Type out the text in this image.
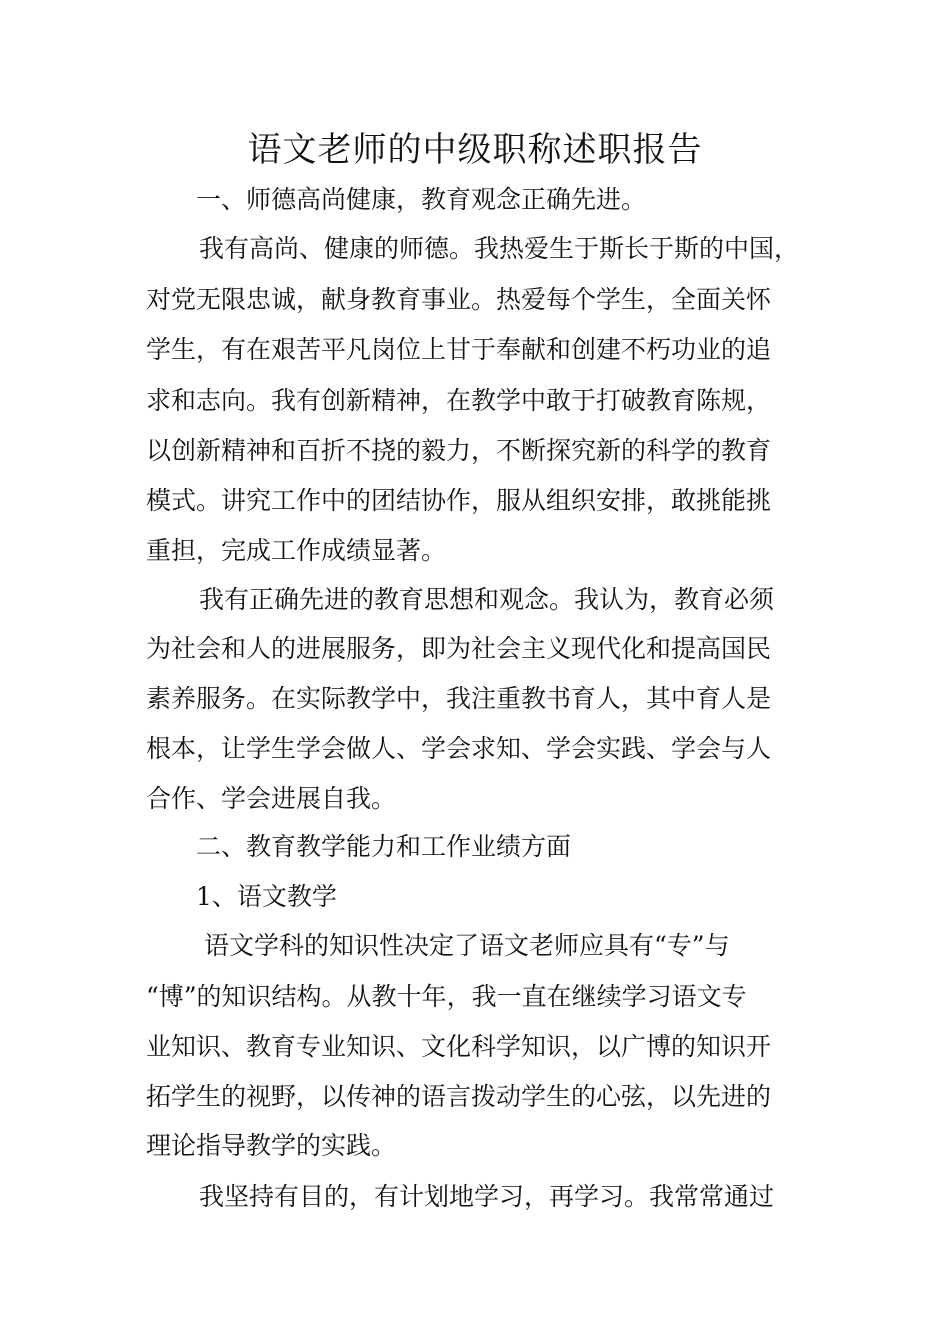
语文老师的中级职称述职报告

一、师德高尚健康，教育观念正确先进。

我有高尚、健康的师德。我热爱生于斯长于斯的中国，

对党无限忠诚，献身教育事业。热爱每个学生，全面关怀

学生，有在艰苦平凡岗位上甘于奉献和创建不朽功业的追

求和志向。我有创新精神，在教学中敢于打破教育陈规，

以创新精神和百折不挠的毅力，不断探究新的科学的教育

模式。讲究工作中的团结协作，服从组织安排，敢挑能挑

重担，完成工作成绩显著。

我有正确先进的教育思想和观念。我认为，教育必须

为社会和人的进展服务，即为社会主义现代化和提高国民

素养服务。在实际教学中，我注重教书育人，其中育人是

根本，让学生学会做人、学会求知、学会实践、学会与人

合作、学会进展自我。

二、教育教学能力和工作业绩方面

1、语文教学

语文学科的知识性决定了语文老师应具有“专”与

“博”的知识结构。从教十年，我一直在继续学习语文专

业知识、教育专业知识、文化科学知识，以广博的知识开

拓学生的视野，以传神的语言拨动学生的心弦，以先进的

理论指导教学的实践。

我坚持有目的，有计划地学习，再学习。我常常通过
